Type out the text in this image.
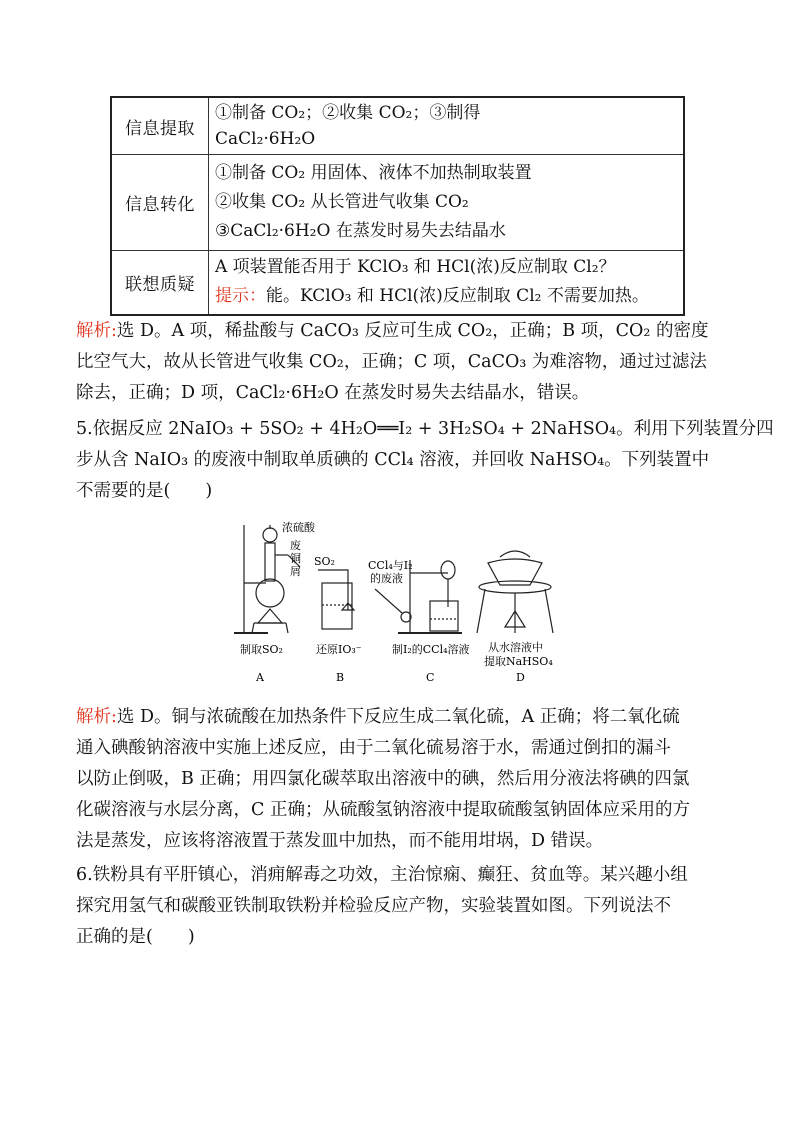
信息提取	①制备 CO₂；②收集 CO₂；③制得
CaCl₂·6H₂O

信息转化	①制备 CO₂ 用固体、液体不加热制取装置
②收集 CO₂ 从长管进气收集 CO₂
③CaCl₂·6H₂O 在蒸发时易失去结晶水

联想质疑	A 项装置能否用于 KClO₃ 和 HCl(浓)反应制取 Cl₂？
提示：能。KClO₃ 和 HCl(浓)反应制取 Cl₂ 不需要加热。
解析:选 D。A 项，稀盐酸与 CaCO₃ 反应可生成 CO₂，正确；B 项，CO₂ 的密度
比空气大，故从长管进气收集 CO₂，正确；C 项，CaCO₃ 为难溶物，通过过滤法
除去，正确；D 项，CaCl₂·6H₂O 在蒸发时易失去结晶水，错误。
5.依据反应 2NaIO₃ + 5SO₂ + 4H₂O══I₂ + 3H₂SO₄ + 2NaHSO₄。利用下列装置分四
步从含 NaIO₃ 的废液中制取单质碘的 CCl₄ 溶液，并回收 NaHSO₄。下列装置中
不需要的是(　　)
浓硫酸
废
铜
屑
SO₂	CCl₄与I₂
的废液
制取SO₂	还原IO₃⁻	制I₂的CCl₄溶液 从水溶液中
提取NaHSO₄
A	B	C	D
解析:选 D。铜与浓硫酸在加热条件下反应生成二氧化硫，A 正确；将二氧化硫
通入碘酸钠溶液中实施上述反应，由于二氧化硫易溶于水，需通过倒扣的漏斗
以防止倒吸，B 正确；用四氯化碳萃取出溶液中的碘，然后用分液法将碘的四氯
化碳溶液与水层分离，C 正确；从硫酸氢钠溶液中提取硫酸氢钠固体应采用的方
法是蒸发，应该将溶液置于蒸发皿中加热，而不能用坩埚，D 错误。
6.铁粉具有平肝镇心，消痈解毒之功效，主治惊痫、癫狂、贫血等。某兴趣小组
探究用氢气和碳酸亚铁制取铁粉并检验反应产物，实验装置如图。下列说法不
正确的是(　　)
